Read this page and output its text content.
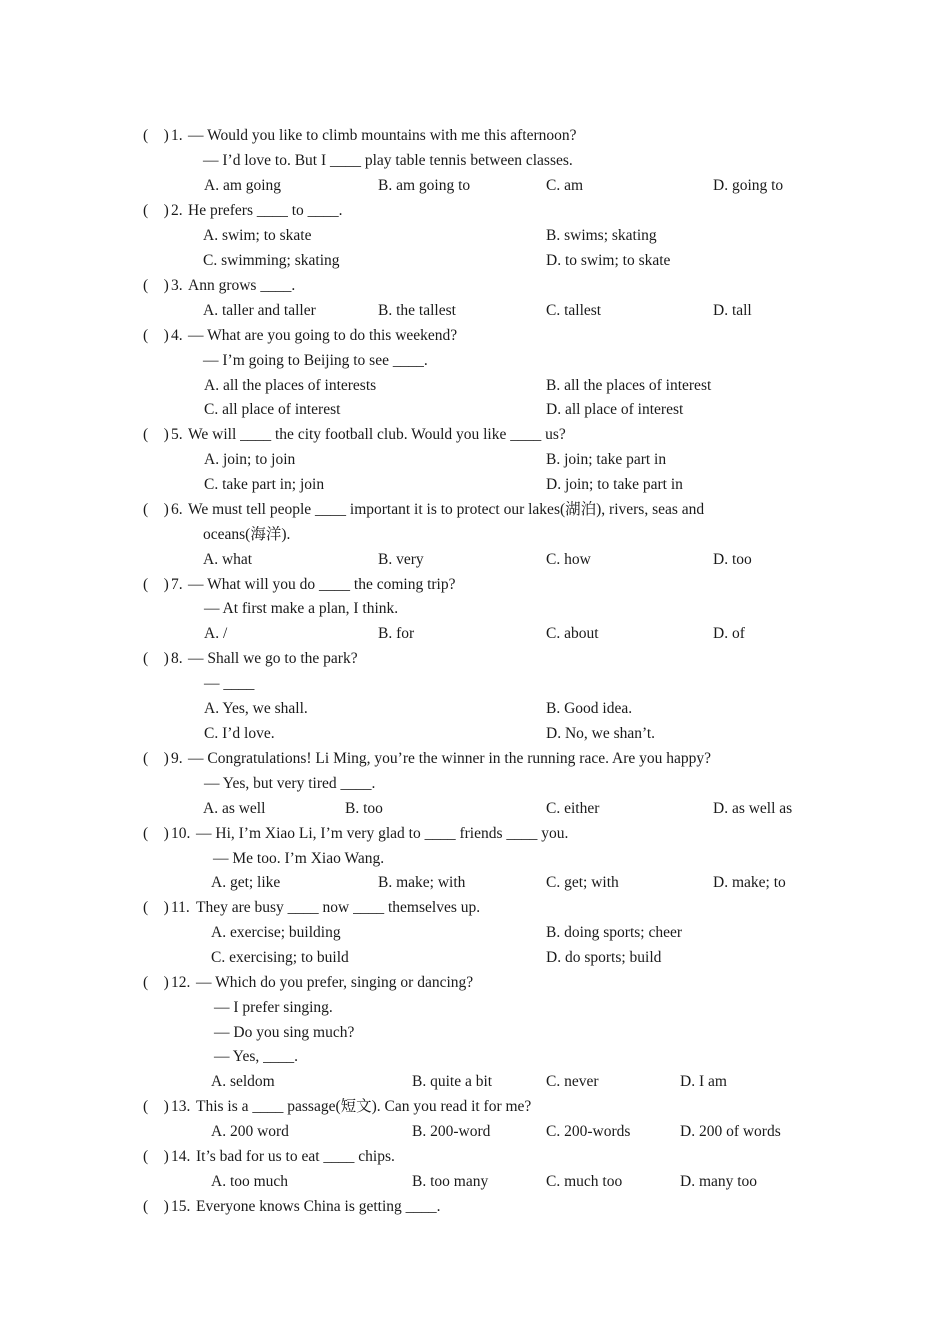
(    ) 1. — Would you like to climb mountains with me this afternoon?
— I’d love to. But I ____ play table tennis between classes.
A. am going	B. am going to	C. am	D. going to
(    ) 2. He prefers ____ to ____.
A. swim; to skate	B. swims; skating
C. swimming; skating	D. to swim; to skate
(    ) 3. Ann grows ____.
A. taller and taller	B. the tallest	C. tallest	D. tall
(    ) 4. — What are you going to do this weekend?
— I’m going to Beijing to see ____.
A. all the places of interests	B. all the places of interest
C. all place of interest	D. all place of interest
(    ) 5. We will ____ the city football club. Would you like ____ us?
A. join; to join	B. join; take part in
C. take part in; join	D. join; to take part in
(    ) 6. We must tell people ____ important it is to protect our lakes(湖泊), rivers, seas and
oceans(海洋).
A. what	B. very	C. how	D. too
(    ) 7. — What will you do ____ the coming trip?
— At first make a plan, I think.
A. /	B. for	C. about	D. of
(    ) 8. — Shall we go to the park?
— ____
A. Yes, we shall.	B. Good idea.
C. I’d love.	D. No, we shan’t.
(    ) 9. — Congratulations! Li Ming, you’re the winner in the running race. Are you happy?
— Yes, but very tired ____.
A. as well	B. too	C. either	D. as well as
(    ) 10. — Hi, I’m Xiao Li, I’m very glad to ____ friends ____ you.
— Me too. I’m Xiao Wang.
A. get; like	B. make; with	C. get; with	D. make; to
(    ) 11. They are busy ____ now ____ themselves up.
A. exercise; building	B. doing sports; cheer
C. exercising; to build	D. do sports; build
(    ) 12. — Which do you prefer, singing or dancing?
— I prefer singing.
— Do you sing much?
— Yes, ____.
A. seldom	B. quite a bit	C. never	D. I am
(    ) 13. This is a ____ passage(短文). Can you read it for me?
A. 200 word	B. 200-word	C. 200-words	D. 200 of words
(    ) 14. It’s bad for us to eat ____ chips.
A. too much	B. too many	C. much too	D. many too
(    ) 15. Everyone knows China is getting ____.
